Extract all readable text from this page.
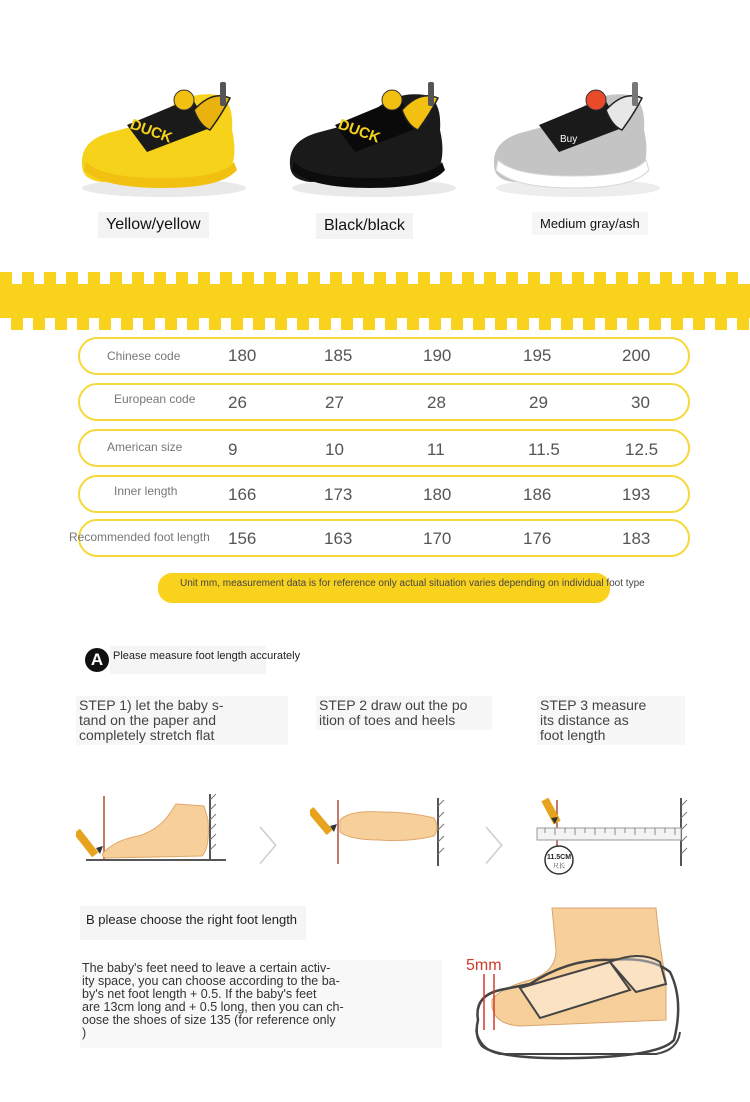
DUCK	DUCK	Buy
Yellow/yellow	Black/black	Medium gray/ash
Chinese code	180	185	190	195	200
European code 26	27	28	29	30
American size	9	10	11	11.5	12.5
Inner length	166	173	180	186	193
Recommended foot length 156	163	170	176	183
Unit mm, measurement data is for reference only actual situation varies depending on individual foot type
A Please measure foot length accurately
STEP 1) let the baby s-
tand on the paper and
completely stretch flat
STEP 2 draw out the po
ition of toes and heels
STEP 3 measure
its distance as
foot length
〉	〉	11.5CM
尺长
B please choose the right foot length
The baby's feet need to leave a certain activ-
ity space, you can choose according to the ba-
by's net foot length + 0.5. If the baby's feet
are 13cm long and + 0.5 long, then you can ch-
oose the shoes of size 135 (for reference only
)
5mm
